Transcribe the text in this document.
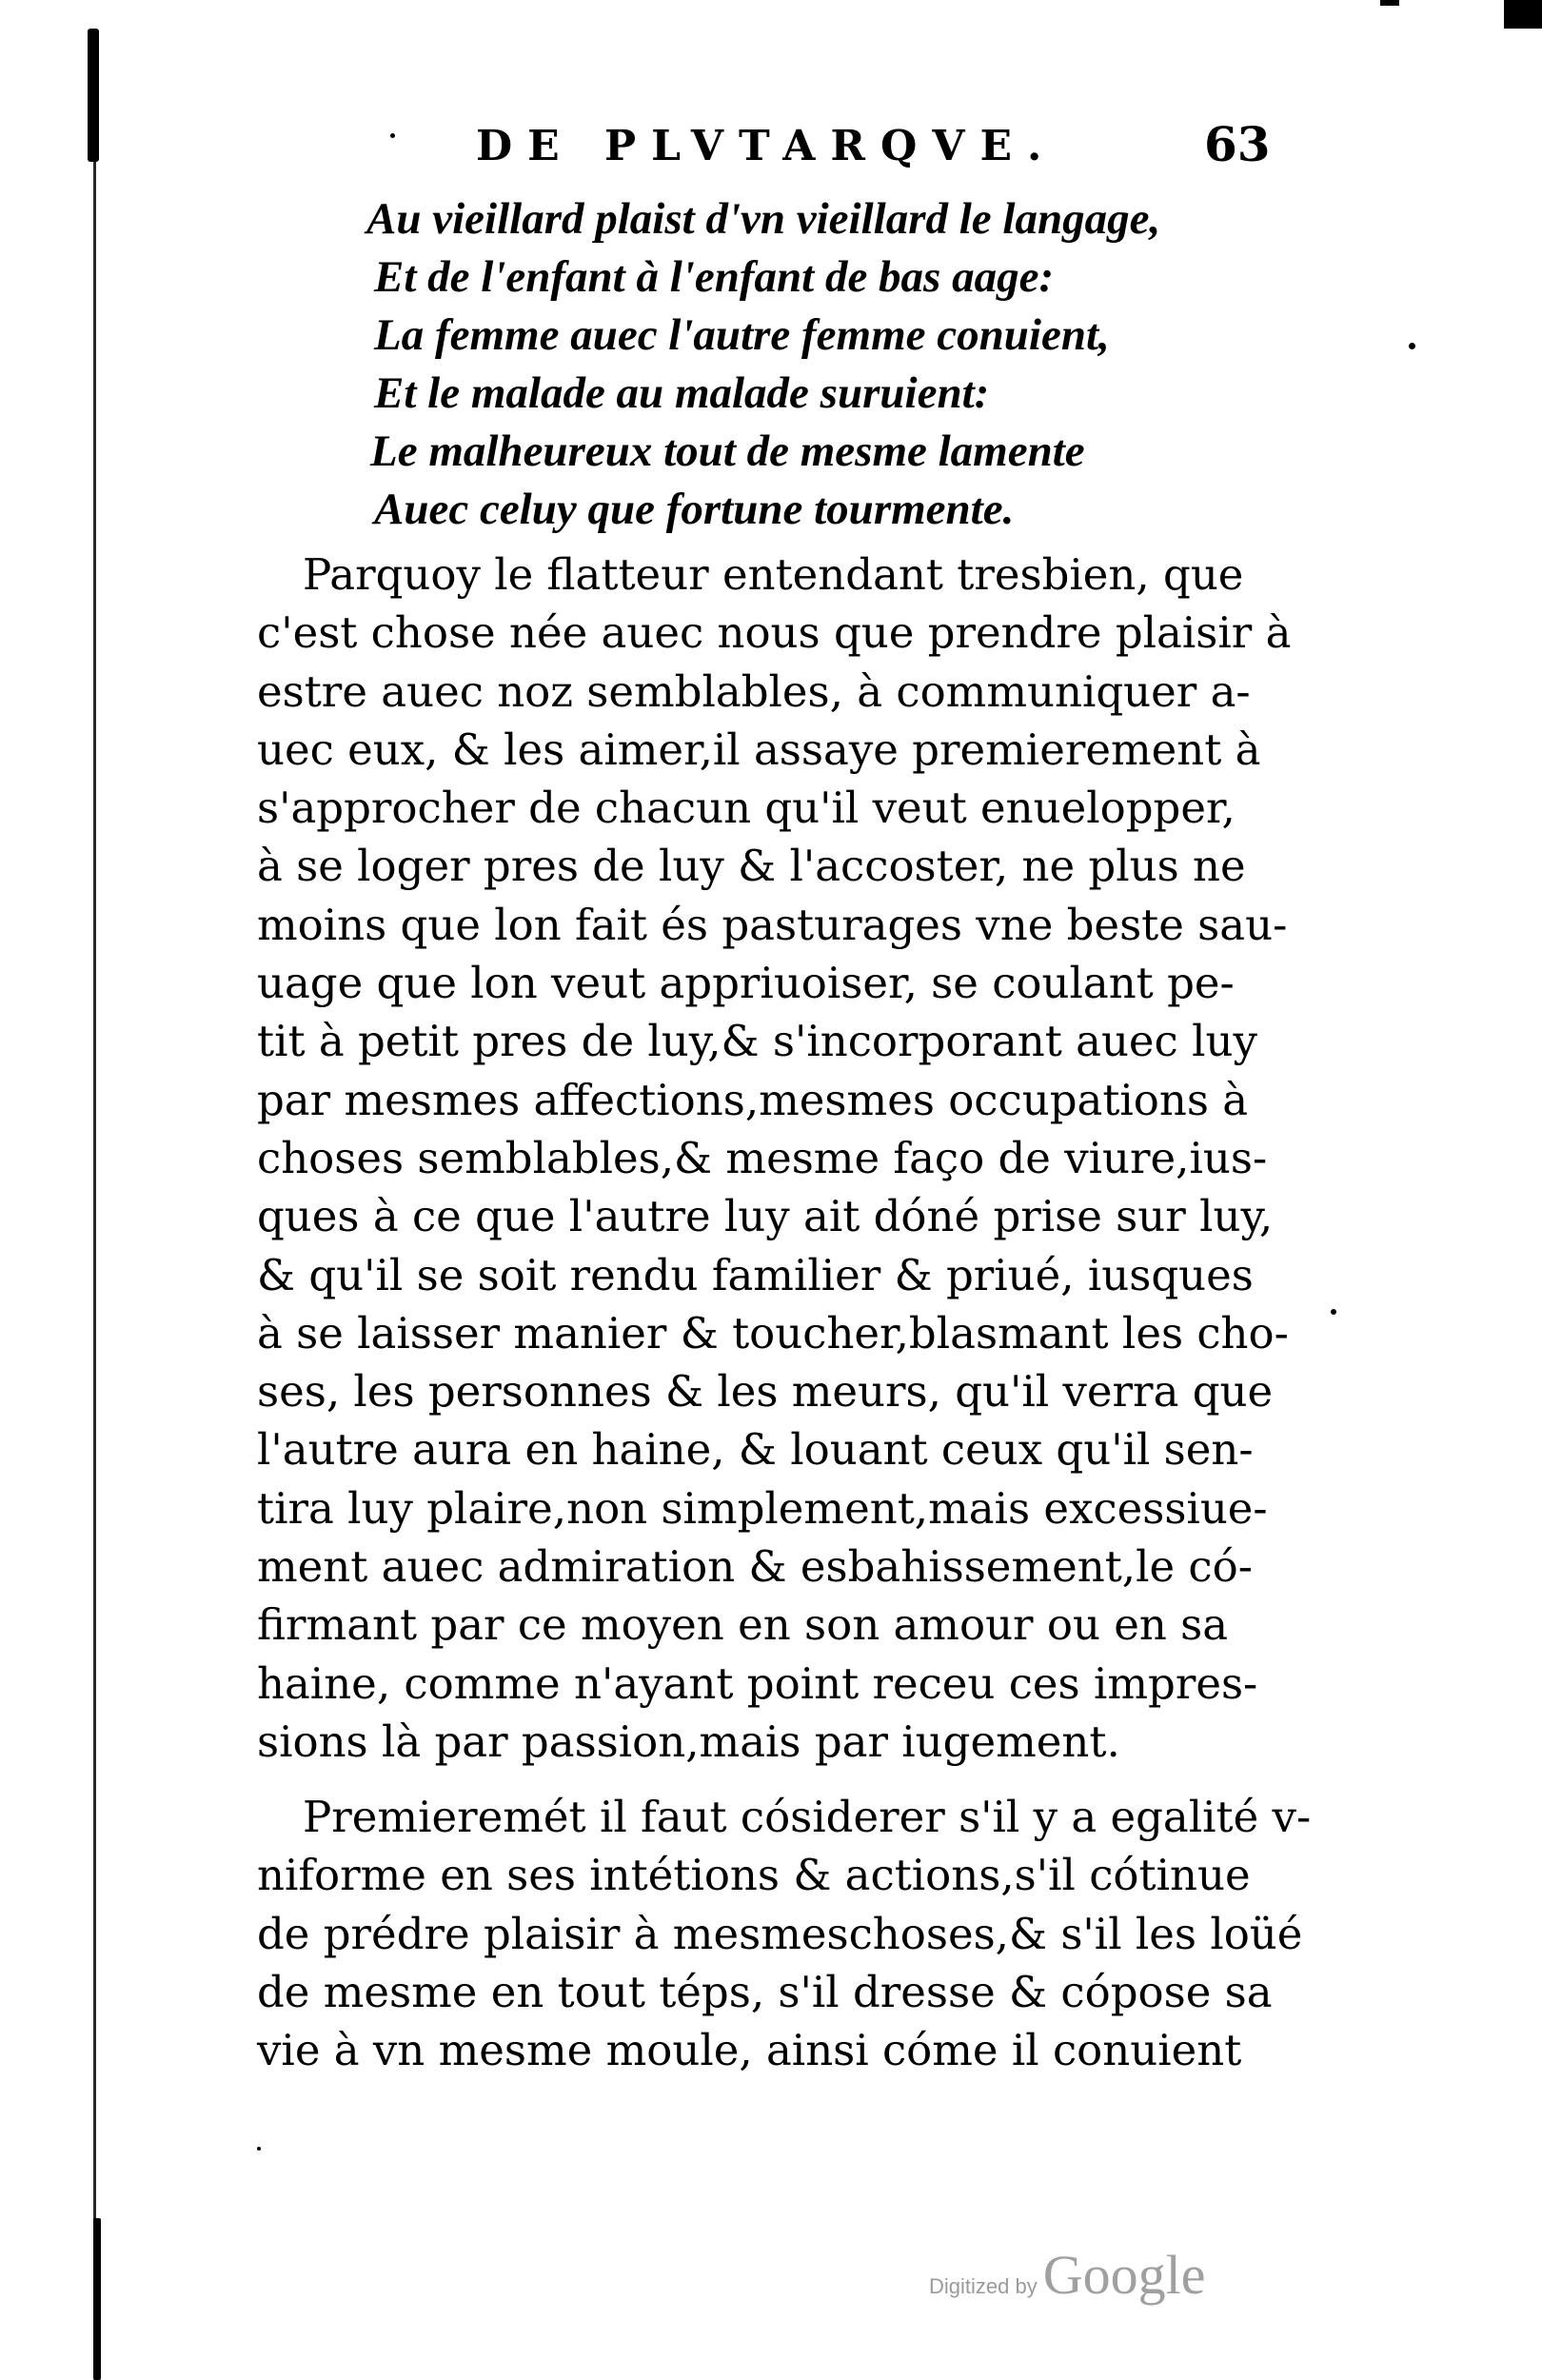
DE PLVTARQVE.	63
Au vieillard plaist d'vn vieillard le langage,
Et de l'enfant à l'enfant de bas aage:
La femme auec l'autre femme conuient,
Et le malade au malade suruient:
Le malheureux tout de mesme lamente
Auec celuy que fortune tourmente.
Parquoy le flatteur entendant tresbien, que
c'est chose née auec nous que prendre plaisir à
estre auec noz semblables, à communiquer a-
uec eux, & les aimer,il assaye premierement à
s'approcher de chacun qu'il veut enuelopper,
à se loger pres de luy & l'accoster, ne plus ne
moins que lon fait és pasturages vne beste sau-
uage que lon veut appriuoiser, se coulant pe-
tit à petit pres de luy,& s'incorporant auec luy
par mesmes affections,mesmes occupations à
choses semblables,& mesme faço de viure,ius-
ques à ce que l'autre luy ait dóné prise sur luy,
& qu'il se soit rendu familier & priué, iusques
à se laisser manier & toucher,blasmant les cho-
ses, les personnes & les meurs, qu'il verra que
l'autre aura en haine, & louant ceux qu'il sen-
tira luy plaire,non simplement,mais excessiue-
ment auec admiration & esbahissement,le có-
firmant par ce moyen en son amour ou en sa
haine, comme n'ayant point receu ces impres-
sions là par passion,mais par iugement.
Premieremét il faut cósiderer s'il y a egalité v-
niforme en ses intétions & actions,s'il cótinue
de prédre plaisir à mesmeschoses,& s'il les loüé
de mesme en tout téps, s'il dresse & cópose sa
vie à vn mesme moule, ainsi cóme il conuient
Digitized by Google
